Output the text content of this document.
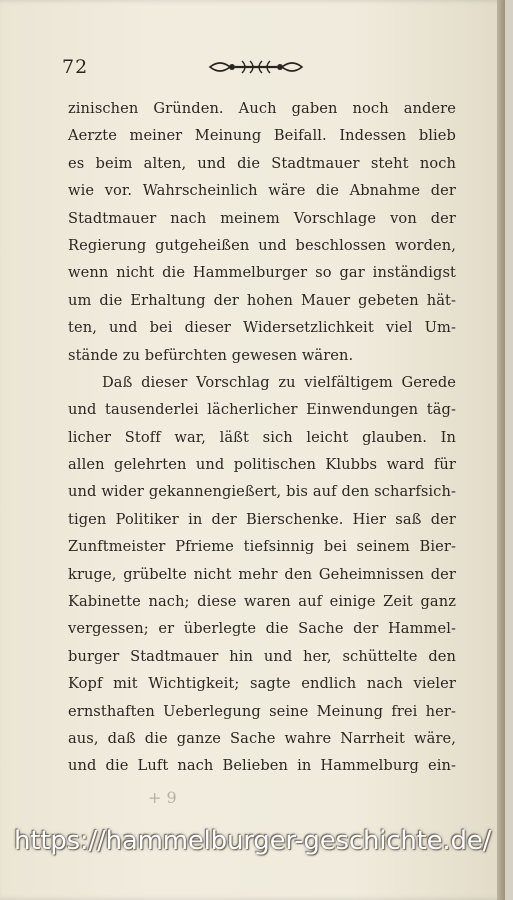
72
zinischen Gründen. Auch gaben noch andere
Aerzte meiner Meinung Beifall. Indessen blieb
es beim alten, und die Stadtmauer steht noch
wie vor. Wahrscheinlich wäre die Abnahme der
Stadtmauer nach meinem Vorschlage von der
Regierung gutgeheißen und beschlossen worden,
wenn nicht die Hammelburger so gar inständigst
um die Erhaltung der hohen Mauer gebeten hät-
ten, und bei dieser Widersetzlichkeit viel Um-
stände zu befürchten gewesen wären.
Daß dieser Vorschlag zu vielfältigem Gerede
und tausenderlei lächerlicher Einwendungen täg-
licher Stoff war, läßt sich leicht glauben. In
allen gelehrten und politischen Klubbs ward für
und wider gekannengießert, bis auf den scharfsich-
tigen Politiker in der Bierschenke. Hier saß der
Zunftmeister Pfrieme tiefsinnig bei seinem Bier-
kruge, grübelte nicht mehr den Geheimnissen der
Kabinette nach; diese waren auf einige Zeit ganz
vergessen; er überlegte die Sache der Hammel-
burger Stadtmauer hin und her, schüttelte den
Kopf mit Wichtigkeit; sagte endlich nach vieler
ernsthaften Ueberlegung seine Meinung frei her-
aus, daß die ganze Sache wahre Narrheit wäre,
und die Luft nach Belieben in Hammelburg ein-
+ 9
https://hammelburger-geschichte.de/
